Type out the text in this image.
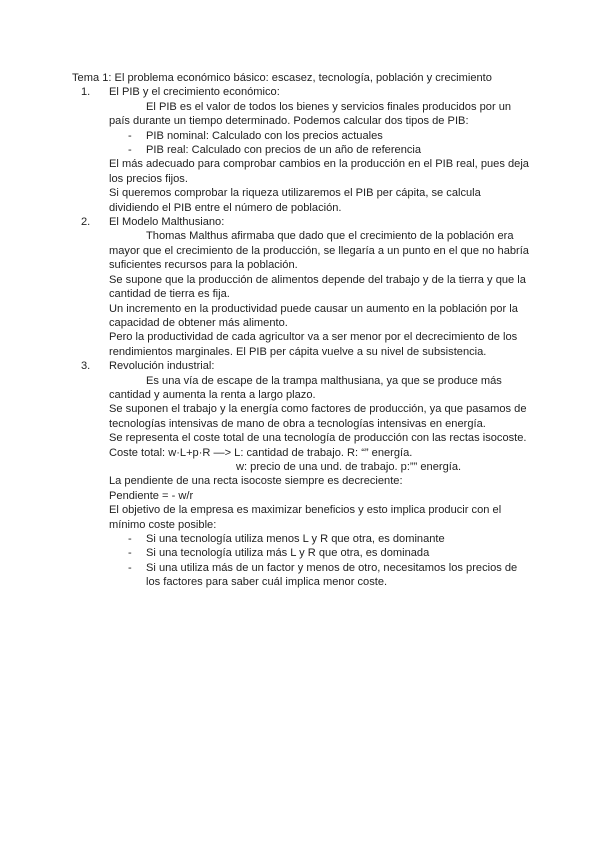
Tema 1: El problema económico básico: escasez, tecnología, población y crecimiento

1. El PIB y el crecimiento económico:

El PIB es el valor de todos los bienes y servicios finales producidos por un país durante un tiempo determinado. Podemos calcular dos tipos de PIB:

- PIB nominal: Calculado con los precios actuales
- PIB real: Calculado con precios de un año de referencia

El más adecuado para comprobar cambios en la producción en el PIB real, pues deja los precios fijos.

Si queremos comprobar la riqueza utilizaremos el PIB per cápita, se calcula dividiendo el PIB entre el número de población.

2. El Modelo Malthusiano:

Thomas Malthus afirmaba que dado que el crecimiento de la población era mayor que el crecimiento de la producción, se llegaría a un punto en el que no habría suficientes recursos para la población.

Se supone que la producción de alimentos depende del trabajo y de la tierra y que la cantidad de tierra es fija.

Un incremento en la productividad puede causar un aumento en la población por la capacidad de obtener más alimento.

Pero la productividad de cada agricultor va a ser menor por el decrecimiento de los rendimientos marginales. El PIB per cápita vuelve a su nivel de subsistencia.

3. Revolución industrial:

Es una vía de escape de la trampa malthusiana, ya que se produce más cantidad y aumenta la renta a largo plazo.

Se suponen el trabajo y la energía como factores de producción, ya que pasamos de tecnologías intensivas de mano de obra a tecnologías intensivas en energía.

Se representa el coste total de una tecnología de producción con las rectas isocoste.

Coste total: w·L+p·R —> L: cantidad de trabajo. R: “” energía.

w: precio de una und. de trabajo. p:”” energía.

La pendiente de una recta isocoste siempre es decreciente:

Pendiente = - w/r

El objetivo de la empresa es maximizar beneficios y esto implica producir con el mínimo coste posible:

- Si una tecnología utiliza menos L y R que otra, es dominante
- Si una tecnología utiliza más L y R que otra, es dominada
- Si una utiliza más de un factor y menos de otro, necesitamos los precios de los factores para saber cuál implica menor coste.
